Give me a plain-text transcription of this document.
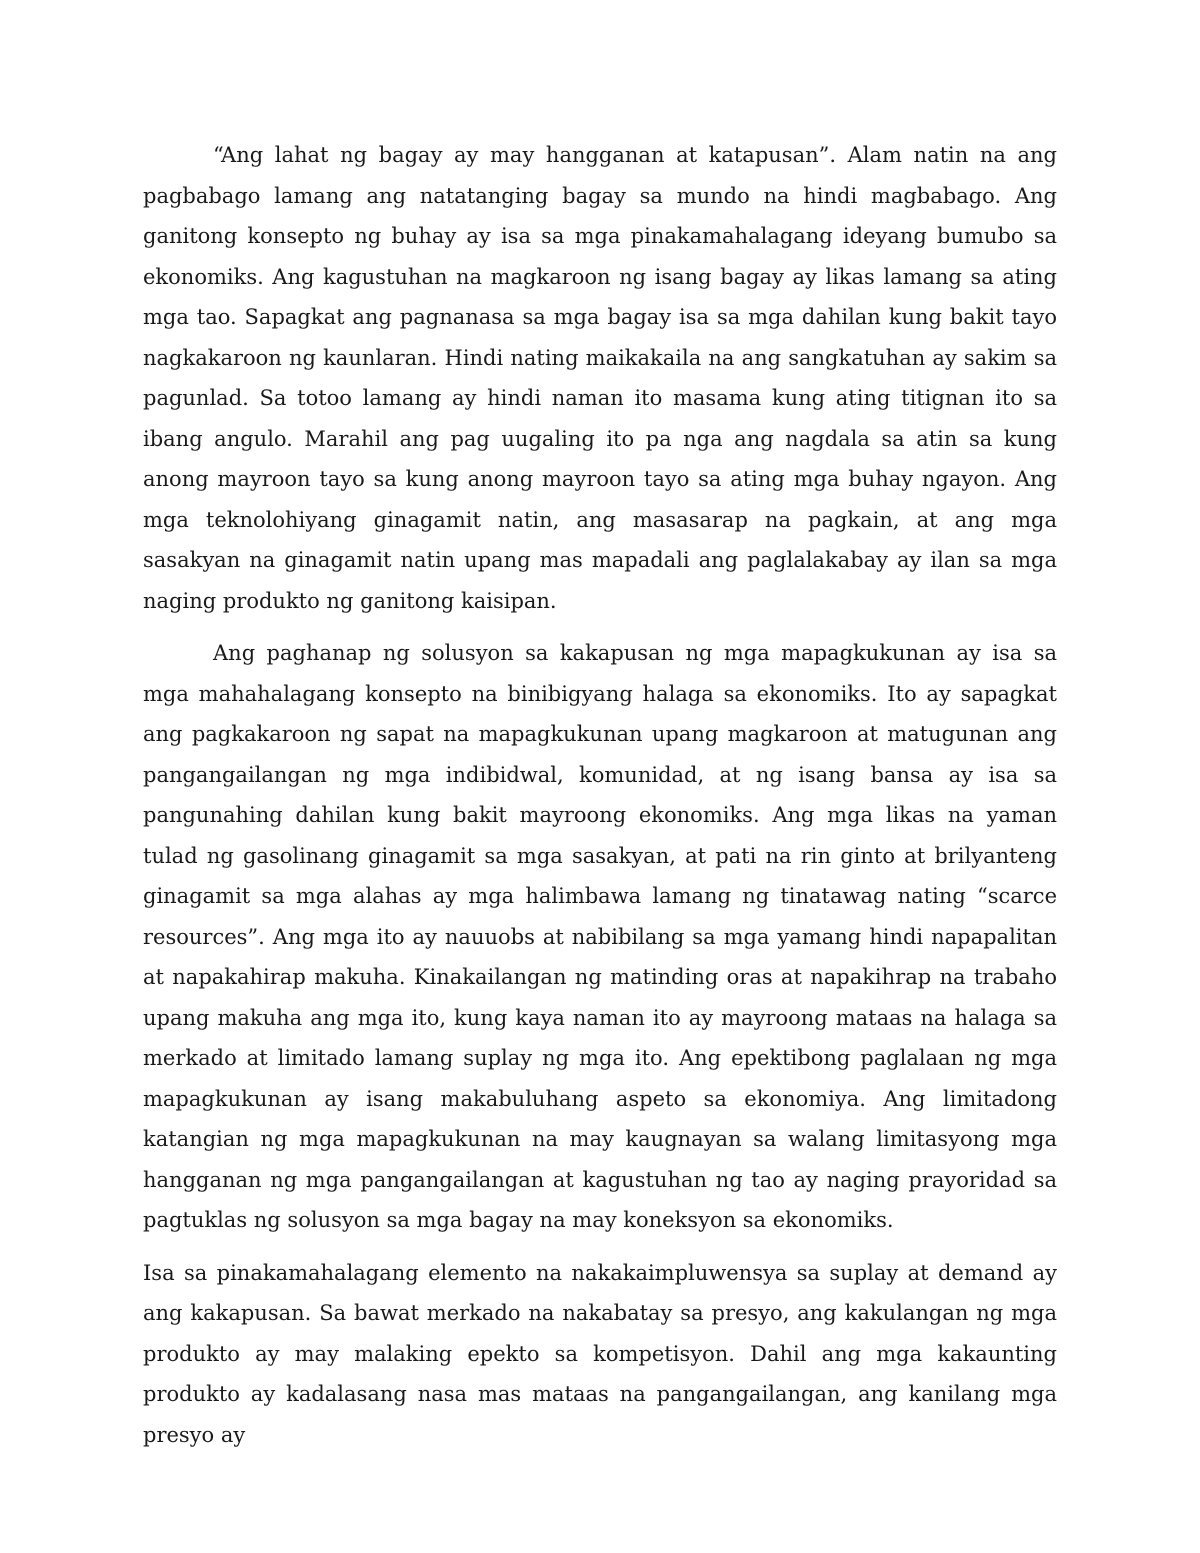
“Ang lahat ng bagay ay may hangganan at katapusan”. Alam natin na ang pagbabago lamang ang natatanging bagay sa mundo na hindi magbabago. Ang ganitong konsepto ng buhay ay isa sa mga pinakamahalagang ideyang bumubo sa ekonomiks. Ang kagustuhan na magkaroon ng isang bagay ay likas lamang sa ating mga tao. Sapagkat ang pagnanasa sa mga bagay isa sa mga dahilan kung bakit tayo nagkakaroon ng kaunlaran. Hindi nating maikakaila na ang sangkatuhan ay sakim sa pagunlad. Sa totoo lamang ay hindi naman ito masama kung ating titignan ito sa ibang angulo. Marahil ang pag uugaling ito pa nga ang nagdala sa atin sa kung anong mayroon tayo sa kung anong mayroon tayo sa ating mga buhay ngayon. Ang mga teknolohiyang ginagamit natin, ang masasarap na pagkain, at ang mga sasakyan na ginagamit natin upang mas mapadali ang paglalakabay ay ilan sa mga naging produkto ng ganitong kaisipan.

Ang paghanap ng solusyon sa kakapusan ng mga mapagkukunan ay isa sa mga mahahalagang konsepto na binibigyang halaga sa ekonomiks. Ito ay sapagkat ang pagkakaroon ng sapat na mapagkukunan upang magkaroon at matugunan ang pangangailangan ng mga indibidwal, komunidad, at ng isang bansa ay isa sa pangunahing dahilan kung bakit mayroong ekonomiks. Ang mga likas na yaman tulad ng gasolinang ginagamit sa mga sasakyan, at pati na rin ginto at brilyanteng ginagamit sa mga alahas ay mga halimbawa lamang ng tinatawag nating “scarce resources”. Ang mga ito ay nauuobs at nabibilang sa mga yamang hindi napapalitan at napakahirap makuha. Kinakailangan ng matinding oras at napakihrap na trabaho upang makuha ang mga ito, kung kaya naman ito ay mayroong mataas na halaga sa merkado at limitado lamang suplay ng mga ito. Ang epektibong paglalaan ng mga mapagkukunan ay isang makabuluhang aspeto sa ekonomiya. Ang limitadong katangian ng mga mapagkukunan na may kaugnayan sa walang limitasyong mga hangganan ng mga pangangailangan at kagustuhan ng tao ay naging prayoridad sa pagtuklas ng solusyon sa mga bagay na may koneksyon sa ekonomiks.

Isa sa pinakamahalagang elemento na nakakaimpluwensya sa suplay at demand ay ang kakapusan. Sa bawat merkado na nakabatay sa presyo, ang kakulangan ng mga produkto ay may malaking epekto sa kompetisyon. Dahil ang mga kakaunting produkto ay kadalasang nasa mas mataas na pangangailangan, ang kanilang mga presyo ay
